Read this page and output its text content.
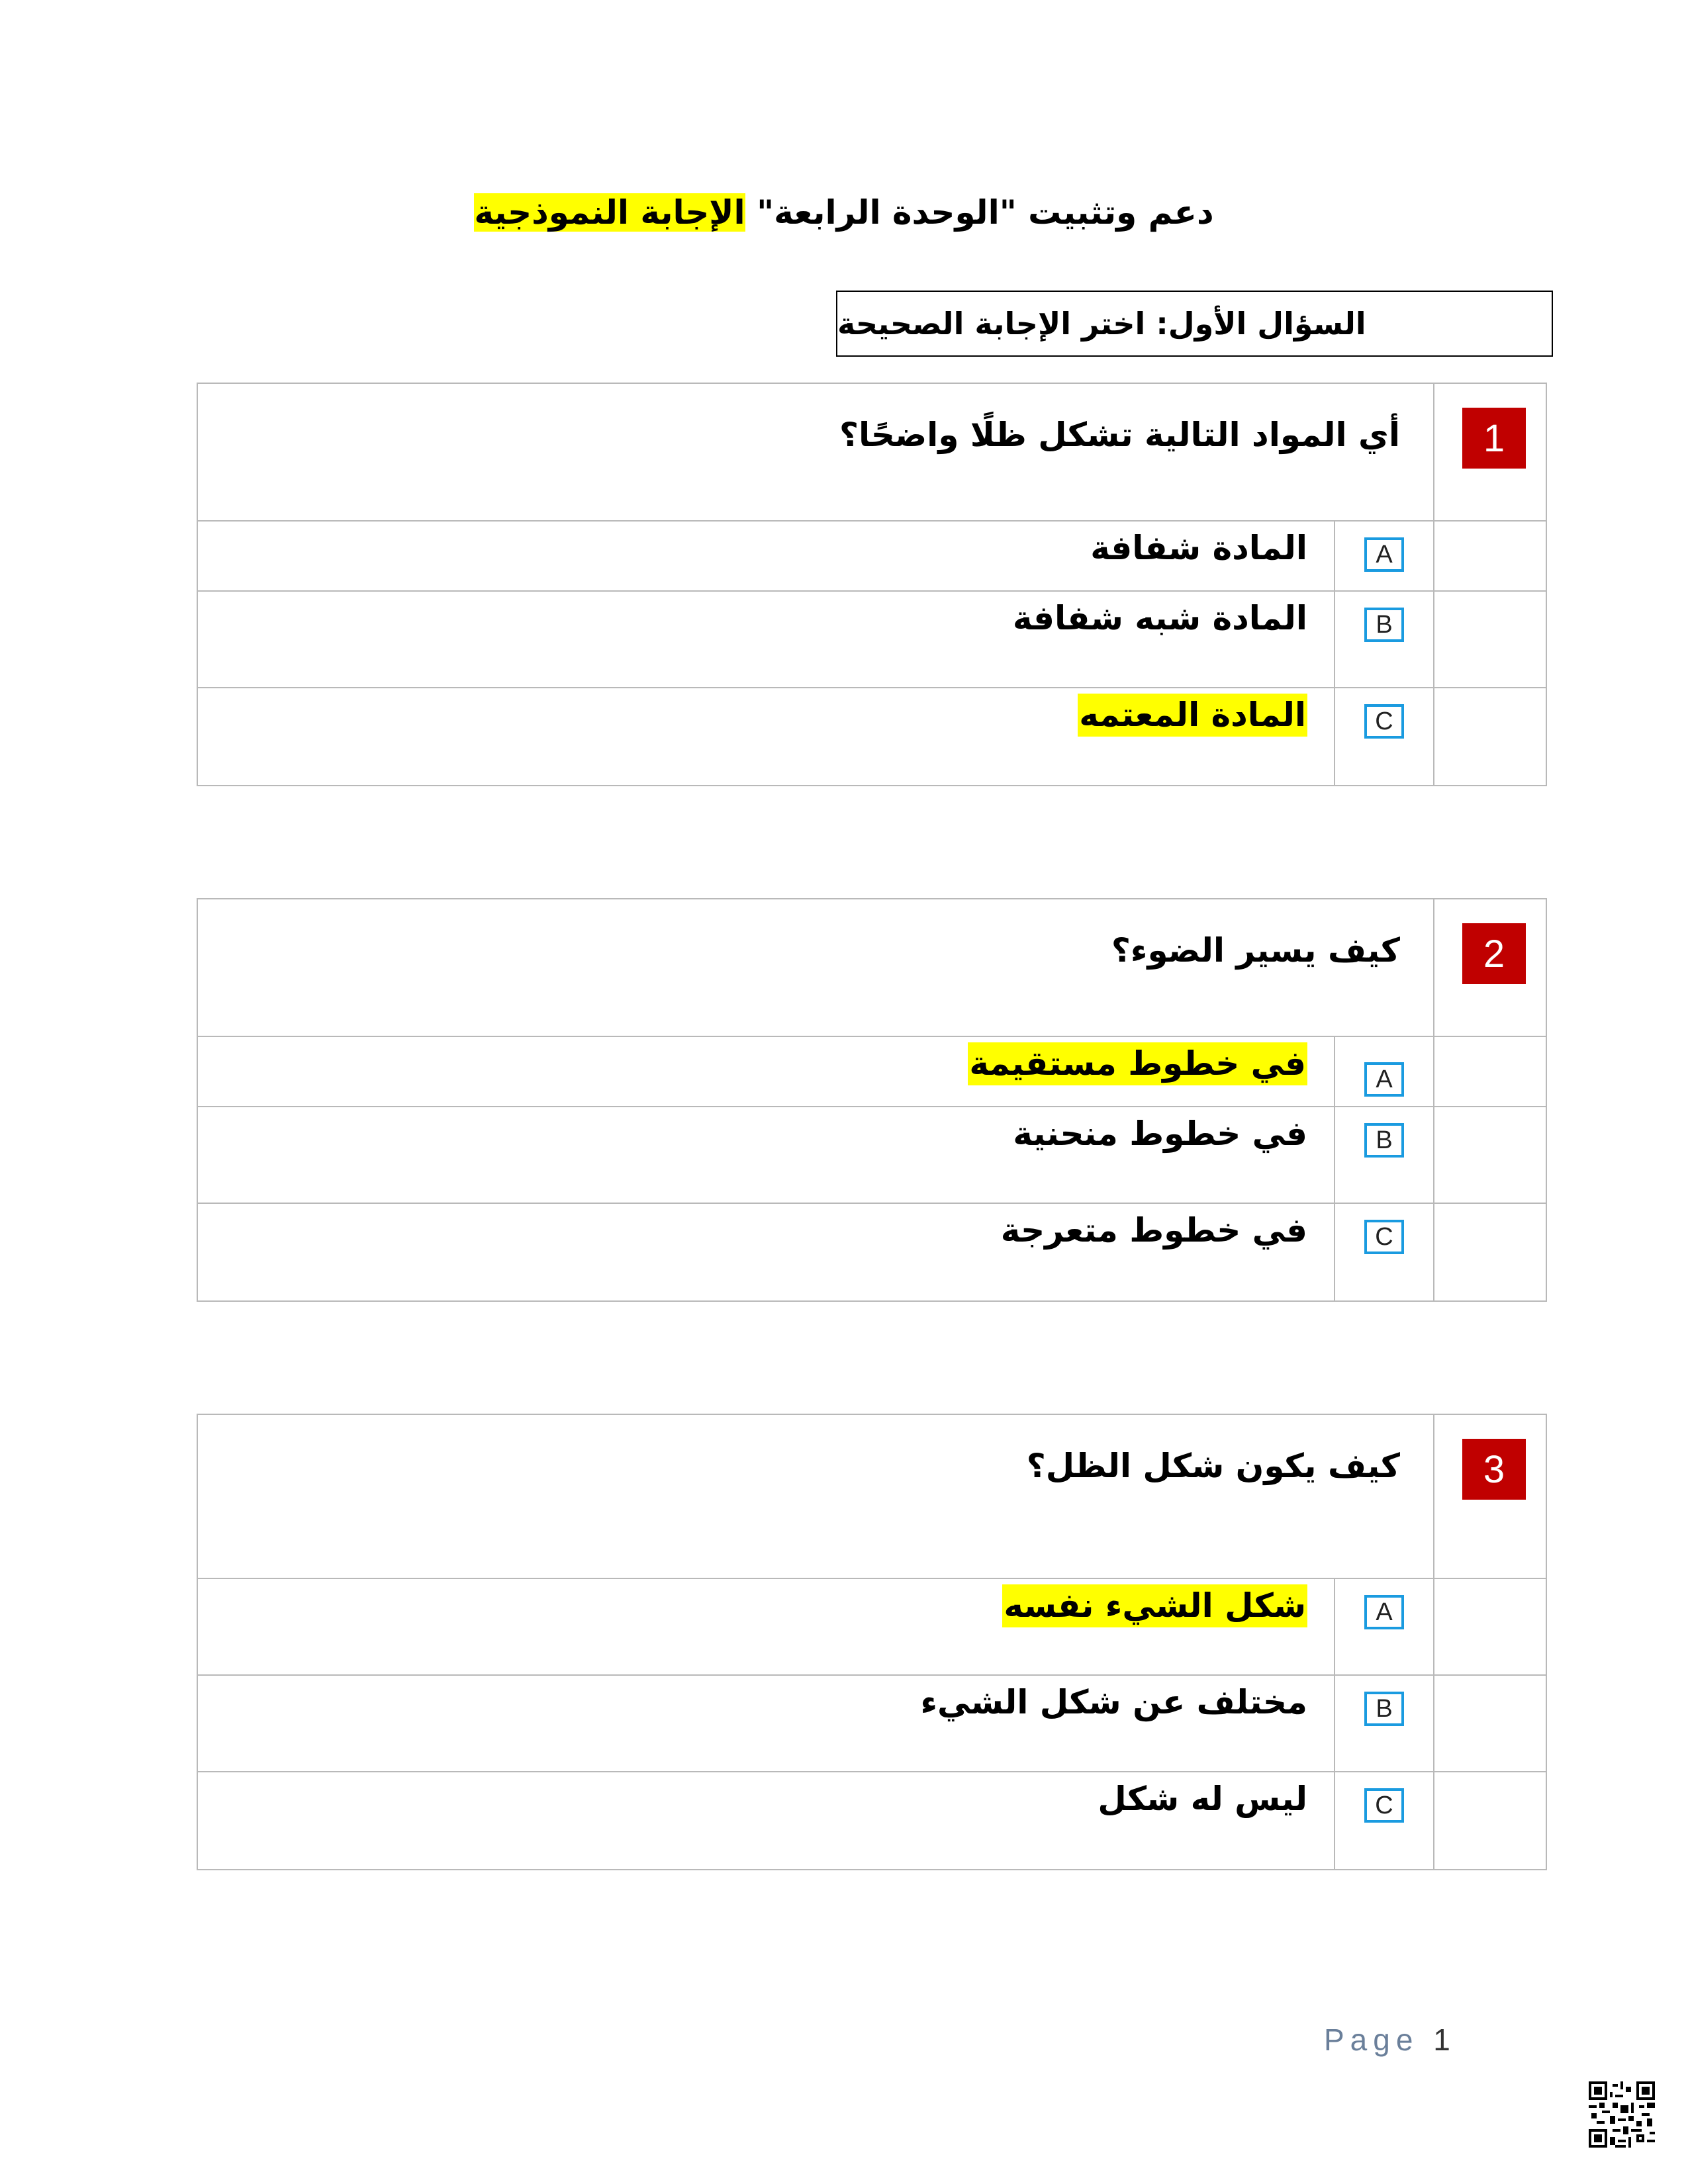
دعم وتثبيت "الوحدة الرابعة" الإجابة النموذجية
السؤال الأول: اختر الإجابة الصحيحة
1
أي المواد التالية تشكل ظلًا واضحًا؟
A
المادة شفافة
B
المادة شبه شفافة
C
المادة المعتمه
2
كيف يسير الضوء؟
A
في خطوط مستقيمة
B
في خطوط منحنية
C
في خطوط متعرجة
3
كيف يكون شكل الظل؟
A
شكل الشيء نفسه
B
مختلف عن شكل الشيء
C
ليس له شكل
Page 1
